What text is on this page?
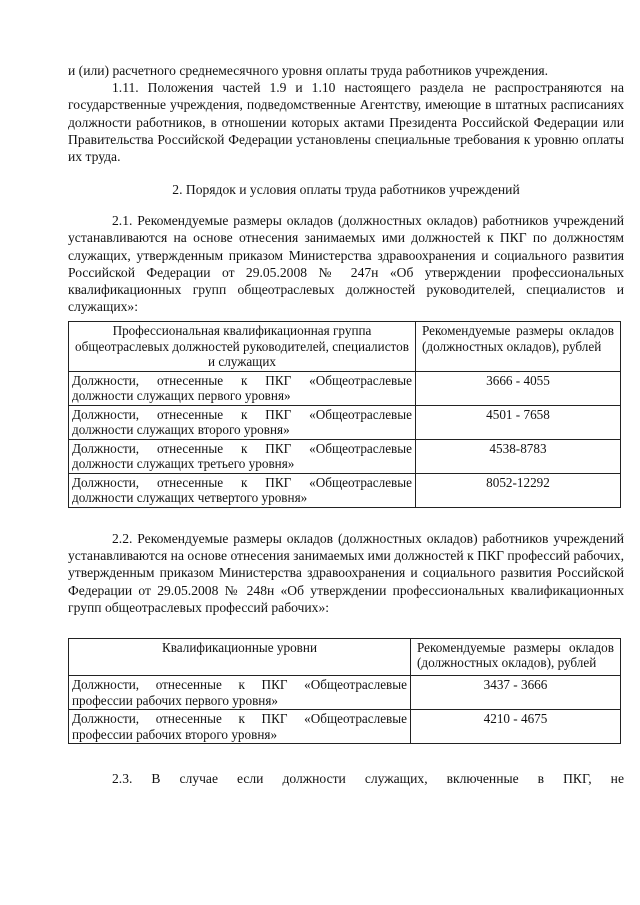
и (или) расчетного среднемесячного уровня оплаты труда работников учреждения.

1.11. Положения частей 1.9 и 1.10 настоящего раздела не распространяются на государственные учреждения, подведомственные Агентству, имеющие в штатных расписаниях должности работников, в отношении которых актами Президента Российской Федерации или Правительства Российской Федерации установлены специальные требования к уровню оплаты их труда.

2. Порядок и условия оплаты труда работников учреждений

2.1. Рекомендуемые размеры окладов (должностных окладов) работников учреждений устанавливаются на основе отнесения занимаемых ими должностей к ПКГ по должностям служащих, утвержденным приказом Министерства здравоохранения и социального развития Российской Федерации от 29.05.2008 № 247н «Об утверждении профессиональных квалификационных групп общеотраслевых должностей руководителей, специалистов и служащих»:

Профессиональная квалификационная группа общеотраслевых должностей руководителей, специалистов и служащих	Рекомендуемые размеры окладов (должностных окладов), рублей
Должности, отнесенные к ПКГ «Общеотраслевые должности служащих первого уровня»	3666 - 4055
Должности, отнесенные к ПКГ «Общеотраслевые должности служащих второго уровня»	4501 - 7658
Должности, отнесенные к ПКГ «Общеотраслевые должности служащих третьего уровня»	4538-8783
Должности, отнесенные к ПКГ «Общеотраслевые должности служащих четвертого уровня»	8052-12292

2.2. Рекомендуемые размеры окладов (должностных окладов) работников учреждений устанавливаются на основе отнесения занимаемых ими должностей к ПКГ профессий рабочих, утвержденным приказом Министерства здравоохранения и социального развития Российской Федерации от 29.05.2008 № 248н «Об утверждении профессиональных квалификационных групп общеотраслевых профессий рабочих»:

Квалификационные уровни	Рекомендуемые размеры окладов (должностных окладов), рублей
Должности, отнесенные к ПКГ «Общеотраслевые профессии рабочих первого уровня»	3437 - 3666
Должности, отнесенные к ПКГ «Общеотраслевые профессии рабочих второго уровня»	4210 - 4675

2.3. В случае если должности служащих, включенные в ПКГ, не
